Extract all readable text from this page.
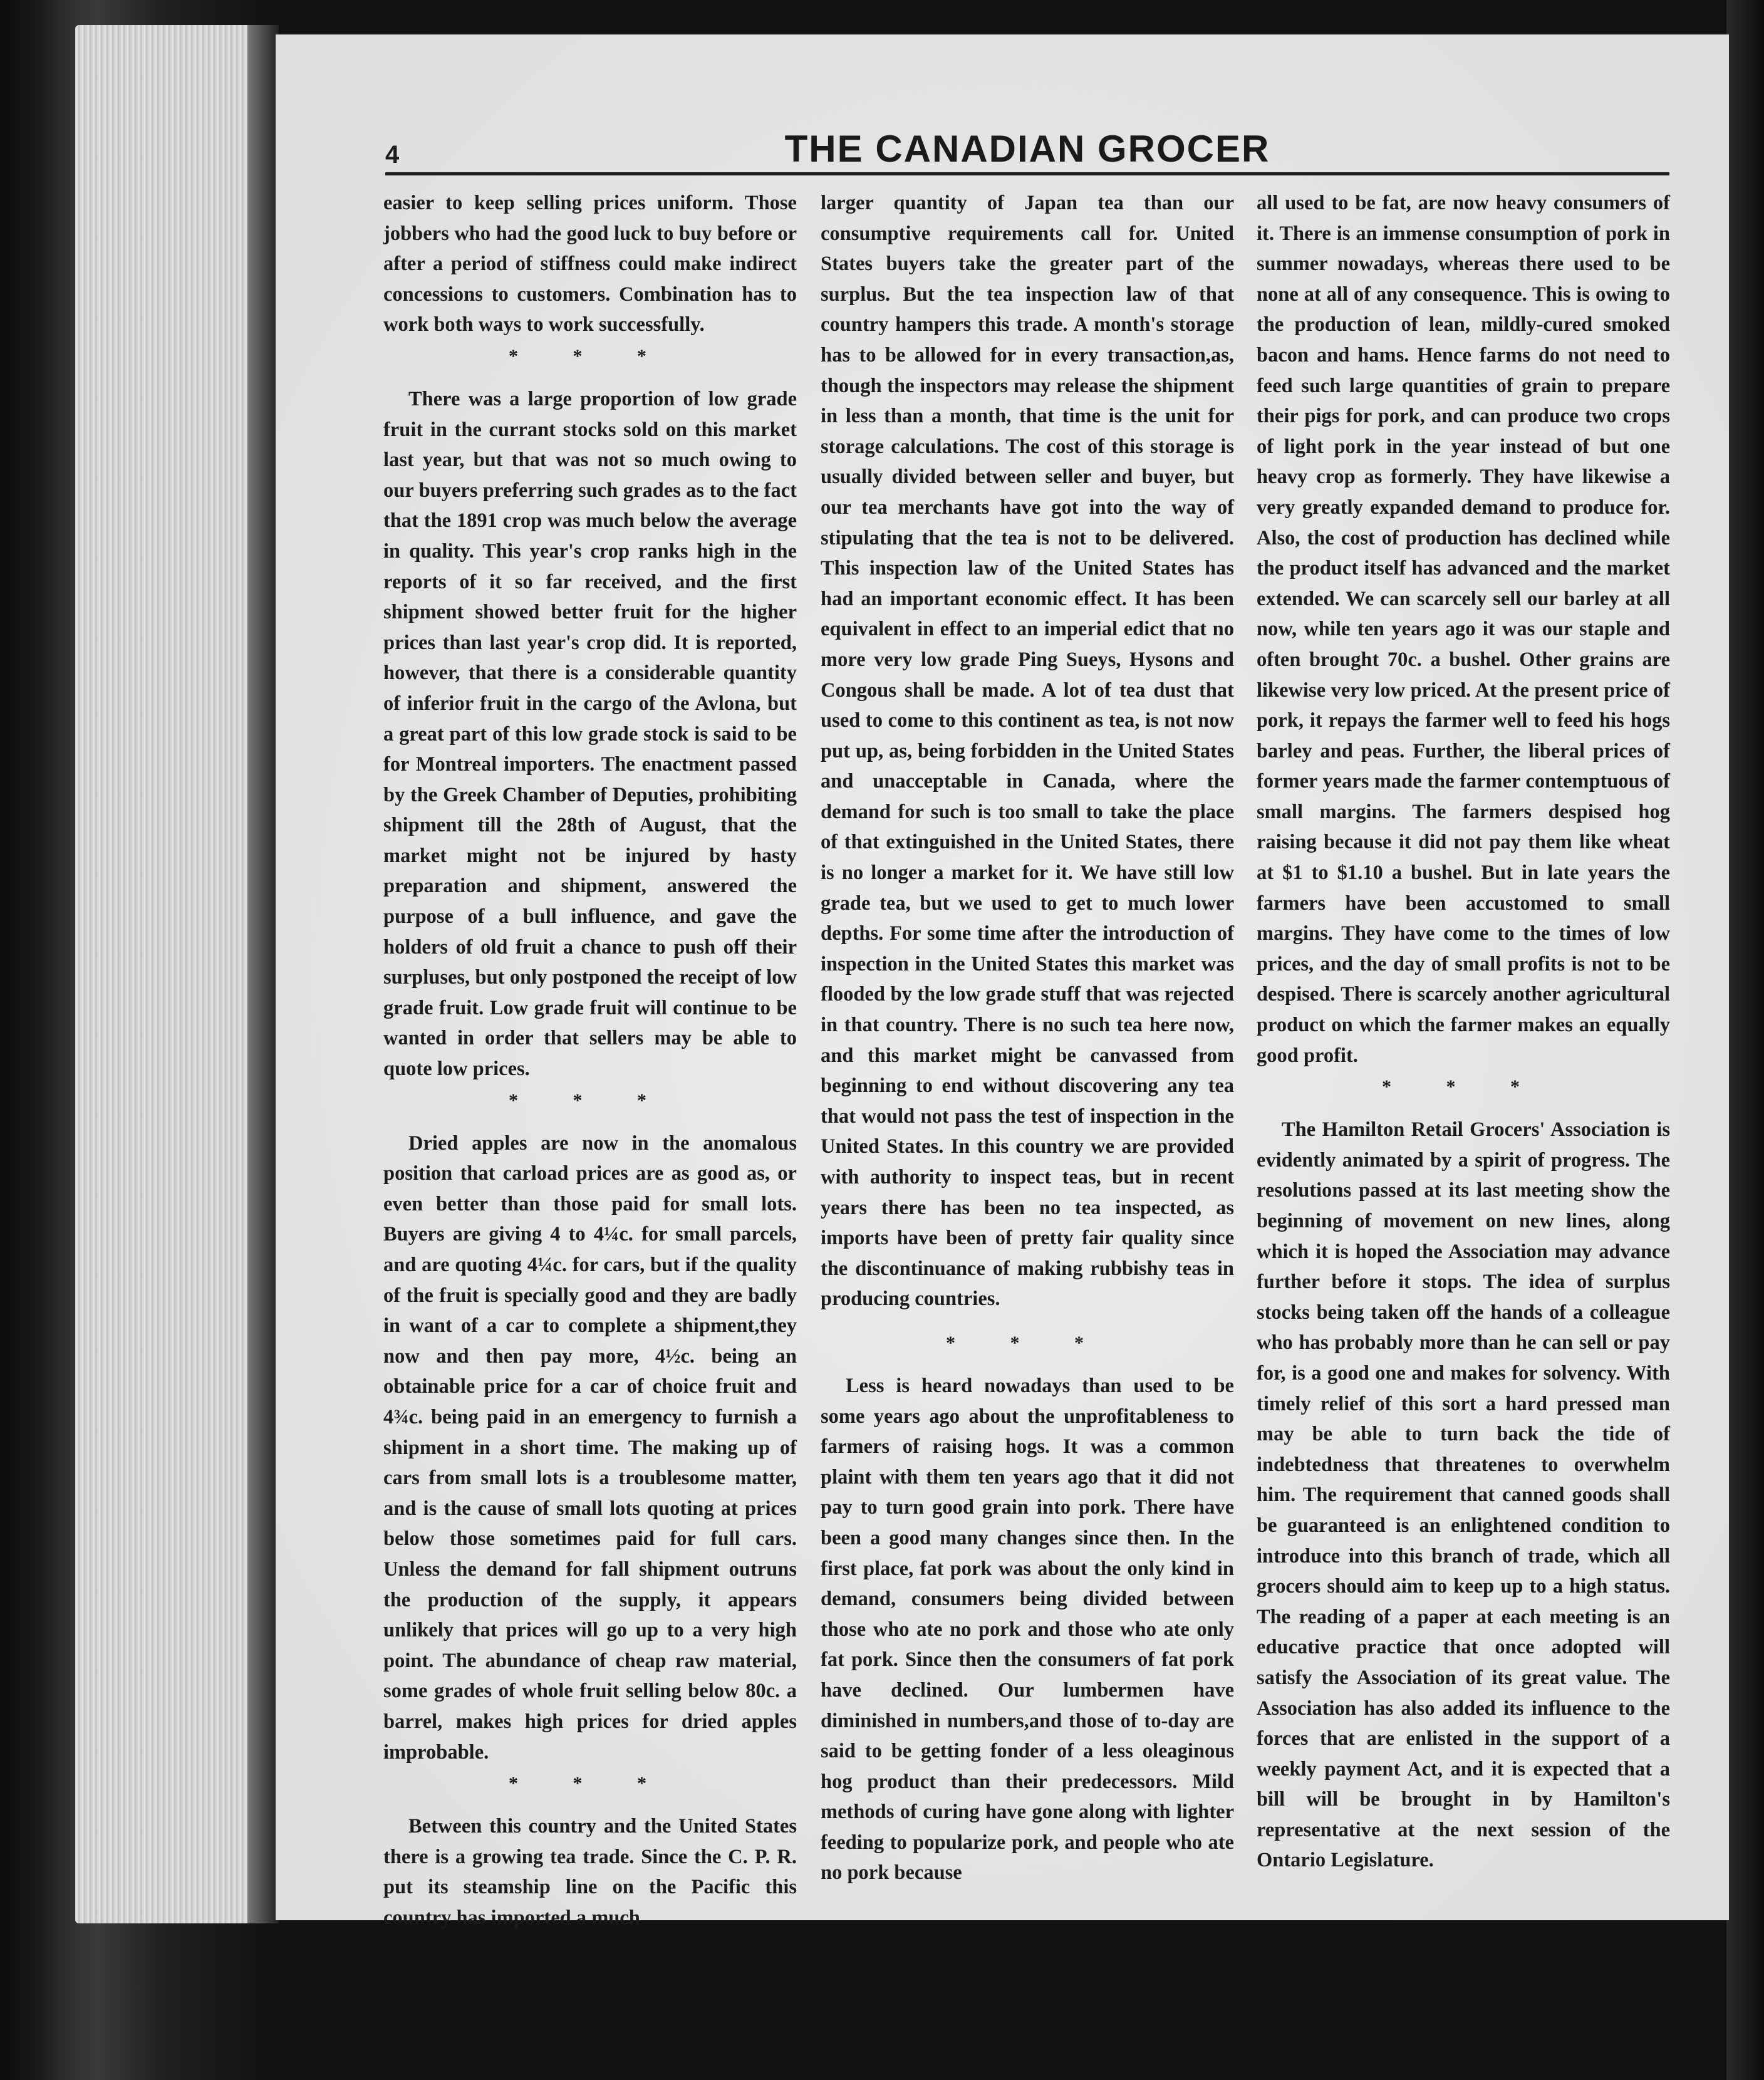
4	THE CANADIAN GROCER

easier to keep selling prices uniform. Those jobbers who had the good luck to buy before or after a period of stiffness could make indirect concessions to customers. Combination has to work both ways to work successfully.

* * *

There was a large proportion of low grade fruit in the currant stocks sold on this market last year, but that was not so much owing to our buyers preferring such grades as to the fact that the 1891 crop was much below the average in quality. This year's crop ranks high in the reports of it so far received, and the first shipment showed better fruit for the higher prices than last year's crop did. It is reported, however, that there is a considerable quantity of inferior fruit in the cargo of the Avlona, but a great part of this low grade stock is said to be for Montreal importers. The enactment passed by the Greek Chamber of Deputies, prohibiting shipment till the 28th of August, that the market might not be injured by hasty preparation and shipment, answered the purpose of a bull influence, and gave the holders of old fruit a chance to push off their surpluses, but only postponed the receipt of low grade fruit. Low grade fruit will continue to be wanted in order that sellers may be able to quote low prices.

* * *

Dried apples are now in the anomalous position that carload prices are as good as, or even better than those paid for small lots. Buyers are giving 4 to 4¼c. for small parcels, and are quoting 4¼c. for cars, but if the quality of the fruit is specially good and they are badly in want of a car to complete a shipment,they now and then pay more, 4½c. being an obtainable price for a car of choice fruit and 4¾c. being paid in an emergency to furnish a shipment in a short time. The making up of cars from small lots is a troublesome matter, and is the cause of small lots quoting at prices below those sometimes paid for full cars. Unless the demand for fall shipment outruns the production of the supply, it appears unlikely that prices will go up to a very high point. The abundance of cheap raw material, some grades of whole fruit selling below 80c. a barrel, makes high prices for dried apples improbable.

* * *

Between this country and the United States there is a growing tea trade. Since the C. P. R. put its steamship line on the Pacific this country has imported a much

larger quantity of Japan tea than our consumptive requirements call for. United States buyers take the greater part of the surplus. But the tea inspection law of that country hampers this trade. A month's storage has to be allowed for in every transaction,as, though the inspectors may release the shipment in less than a month, that time is the unit for storage calculations. The cost of this storage is usually divided between seller and buyer, but our tea merchants have got into the way of stipulating that the tea is not to be delivered. This inspection law of the United States has had an important economic effect. It has been equivalent in effect to an imperial edict that no more very low grade Ping Sueys, Hysons and Congous shall be made. A lot of tea dust that used to come to this continent as tea, is not now put up, as, being forbidden in the United States and unacceptable in Canada, where the demand for such is too small to take the place of that extinguished in the United States, there is no longer a market for it. We have still low grade tea, but we used to get to much lower depths. For some time after the introduction of inspection in the United States this market was flooded by the low grade stuff that was rejected in that country. There is no such tea here now, and this market might be canvassed from beginning to end without discovering any tea that would not pass the test of inspection in the United States. In this country we are provided with authority to inspect teas, but in recent years there has been no tea inspected, as imports have been of pretty fair quality since the discontinuance of making rubbishy teas in producing countries.

* * *

Less is heard nowadays than used to be some years ago about the unprofitableness to farmers of raising hogs. It was a common plaint with them ten years ago that it did not pay to turn good grain into pork. There have been a good many changes since then. In the first place, fat pork was about the only kind in demand, consumers being divided between those who ate no pork and those who ate only fat pork. Since then the consumers of fat pork have declined. Our lumbermen have diminished in numbers,and those of to-day are said to be getting fonder of a less oleaginous hog product than their predecessors. Mild methods of curing have gone along with lighter feeding to popularize pork, and people who ate no pork because

all used to be fat, are now heavy consumers of it. There is an immense consumption of pork in summer nowadays, whereas there used to be none at all of any consequence. This is owing to the production of lean, mildly-cured smoked bacon and hams. Hence farms do not need to feed such large quantities of grain to prepare their pigs for pork, and can produce two crops of light pork in the year instead of but one heavy crop as formerly. They have likewise a very greatly expanded demand to produce for. Also, the cost of production has declined while the product itself has advanced and the market extended. We can scarcely sell our barley at all now, while ten years ago it was our staple and often brought 70c. a bushel. Other grains are likewise very low priced. At the present price of pork, it repays the farmer well to feed his hogs barley and peas. Further, the liberal prices of former years made the farmer contemptuous of small margins. The farmers despised hog raising because it did not pay them like wheat at $1 to $1.10 a bushel. But in late years the farmers have been accustomed to small margins. They have come to the times of low prices, and the day of small profits is not to be despised. There is scarcely another agricultural product on which the farmer makes an equally good profit.

* * *

The Hamilton Retail Grocers' Association is evidently animated by a spirit of progress. The resolutions passed at its last meeting show the beginning of movement on new lines, along which it is hoped the Association may advance further before it stops. The idea of surplus stocks being taken off the hands of a colleague who has probably more than he can sell or pay for, is a good one and makes for solvency. With timely relief of this sort a hard pressed man may be able to turn back the tide of indebtedness that threatenes to overwhelm him. The requirement that canned goods shall be guaranteed is an enlightened condition to introduce into this branch of trade, which all grocers should aim to keep up to a high status. The reading of a paper at each meeting is an educative practice that once adopted will satisfy the Association of its great value. The Association has also added its influence to the forces that are enlisted in the support of a weekly payment Act, and it is expected that a bill will be brought in by Hamilton's representative at the next session of the Ontario Legislature.
